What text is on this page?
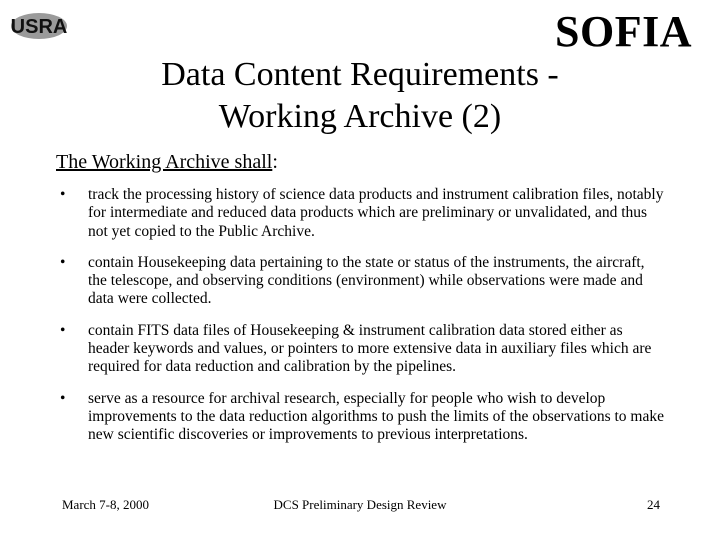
USRA	SOFIA
Data Content Requirements -
Working Archive (2)
The Working Archive shall:
• track the processing history of science data products and instrument calibration files, notably for intermediate and reduced data products which are preliminary or unvalidated, and thus not yet copied to the Public Archive.
• contain Housekeeping data pertaining to the state or status of the instruments, the aircraft, the telescope, and observing conditions (environment) while observations were made and data were collected.
• contain FITS data files of Housekeeping & instrument calibration data stored either as header keywords and values, or pointers to more extensive data in auxiliary files which are required for data reduction and calibration by the pipelines.
• serve as a resource for archival research, especially for people who wish to develop improvements to the data reduction algorithms to push the limits of the observations to make new scientific discoveries or improvements to previous interpretations.
March 7-8, 2000	DCS Preliminary Design Review	24
